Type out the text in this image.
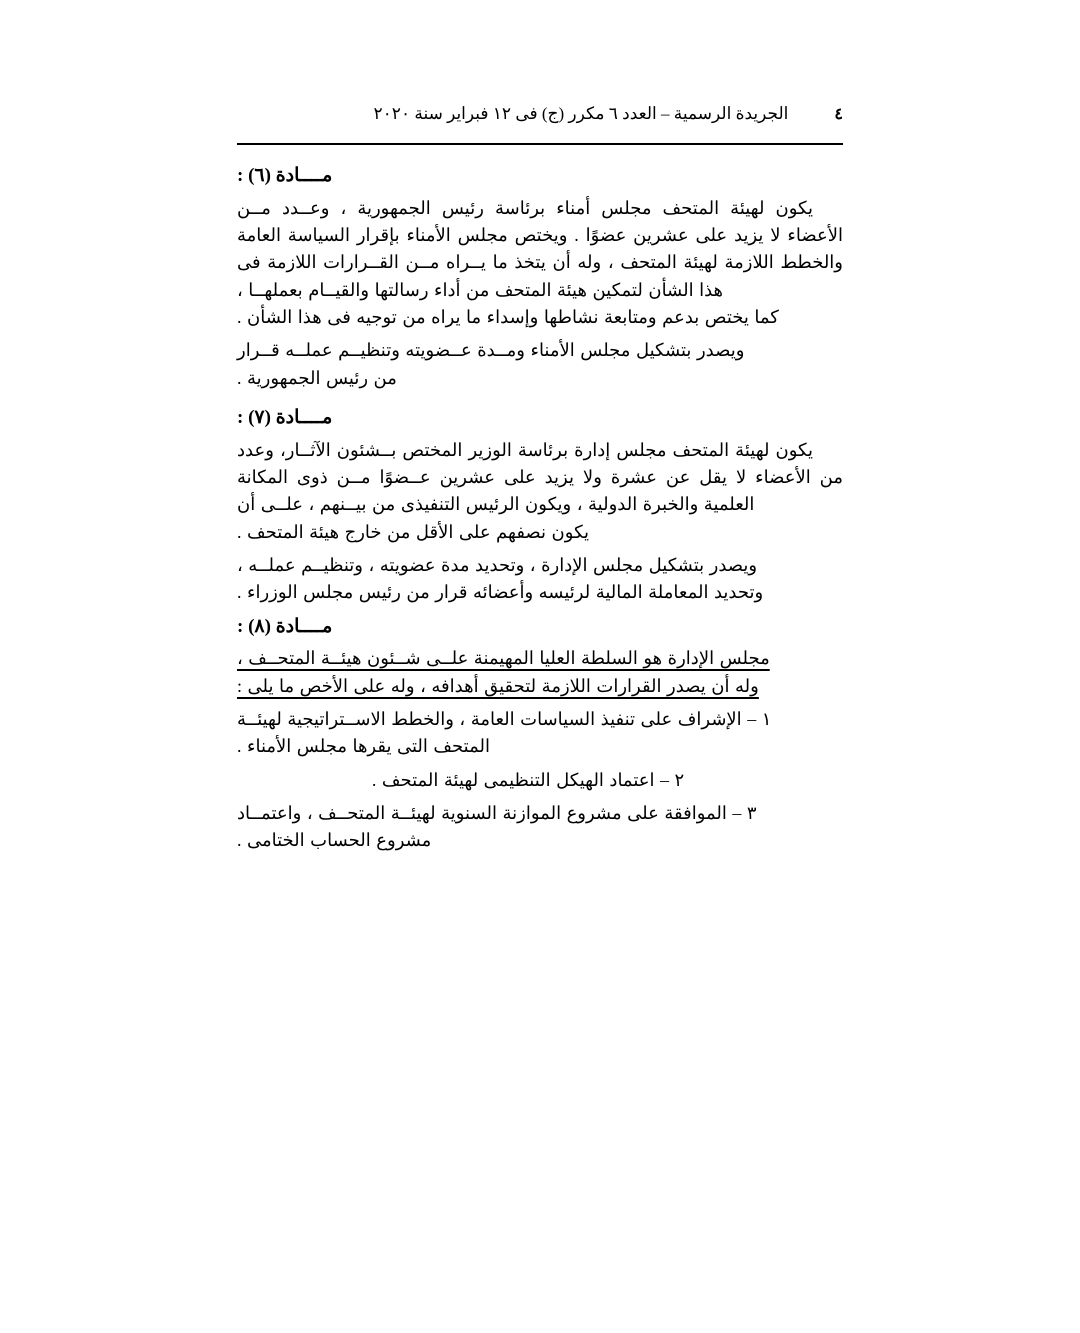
٤
الجريدة الرسمية – العدد ٦ مكرر (ج) فى ١٢ فبراير سنة ٢٠٢٠
مــــادة (٦) :

يكون لهيئة المتحف مجلس أمناء برئاسة رئيس الجمهورية ، وعــدد مــن الأعضاء لا يزيد على عشرين عضوًا . ويختص مجلس الأمناء بإقرار السياسة العامة والخطط اللازمة لهيئة المتحف ، وله أن يتخذ ما يــراه مــن القــرارات اللازمة فى هذا الشأن لتمكين هيئة المتحف من أداء رسالتها والقيــام بعملهــا ،
كما يختص بدعم ومتابعة نشاطها وإسداء ما يراه من توجيه فى هذا الشأن .

ويصدر بتشكيل مجلس الأمناء ومــدة عــضويته وتنظيــم عملــه قــرار
من رئيس الجمهورية .

مــــادة (٧) :

يكون لهيئة المتحف مجلس إدارة برئاسة الوزير المختص بــشئون الآثــار، وعدد من الأعضاء لا يقل عن عشرة ولا يزيد على عشرين عــضوًا مــن ذوى المكانة العلمية والخبرة الدولية ، ويكون الرئيس التنفيذى من بيــنهم ، علــى أن
يكون نصفهم على الأقل من خارج هيئة المتحف .

ويصدر بتشكيل مجلس الإدارة ، وتحديد مدة عضويته ، وتنظيــم عملــه ،
وتحديد المعاملة المالية لرئيسه وأعضائه قرار من رئيس مجلس الوزراء .

مــــادة (٨) :

مجلس الإدارة هو السلطة العليا المهيمنة علــى شــئون هيئــة المتحــف ،
وله أن يصدر القرارات اللازمة لتحقيق أهدافه ، وله على الأخص ما يلى :

١ – الإشراف على تنفيذ السياسات العامة ، والخطط الاســتراتيجية لهيئــة
المتحف التى يقرها مجلس الأمناء .

٢ – اعتماد الهيكل التنظيمى لهيئة المتحف .

٣ – الموافقة على مشروع الموازنة السنوية لهيئــة المتحــف ، واعتمــاد
مشروع الحساب الختامى .
